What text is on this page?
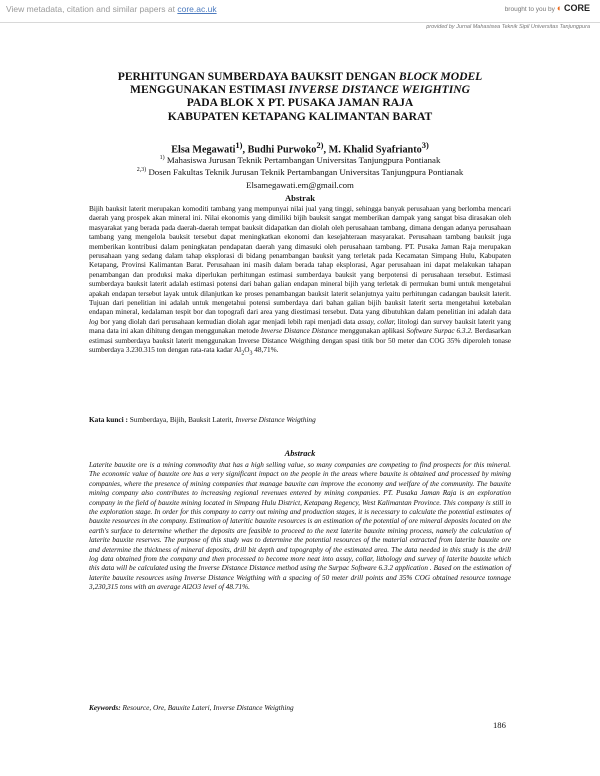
View metadata, citation and similar papers at core.ac.uk	brought to you by ◐ CORE
provided by Jurnal Mahasiswa Teknik Sipil Universitas Tanjungpura
PERHITUNGAN SUMBERDAYA BAUKSIT DENGAN BLOCK MODEL
MENGGUNAKAN ESTIMASI INVERSE DISTANCE WEIGHTING
PADA BLOK X PT. PUSAKA JAMAN RAJA
KABUPATEN KETAPANG KALIMANTAN BARAT
Elsa Megawati$^{1)}$, Budhi Purwoko$^{2)}$, M. Khalid Syafrianto$^{3)}$
$^{1)}$ Mahasiswa Jurusan Teknik Pertambangan Universitas Tanjungpura Pontianak
$^{2,3)}$ Dosen Fakultas Teknik Jurusan Teknik Pertambangan Universitas Tanjungpura Pontianak
Elsamegawati.em@gmail.com
Abstrak

Bijih bauksit laterit merupakan komoditi tambang yang mempunyai nilai jual yang tinggi, sehingga banyak perusahaan yang berlomba mencari daerah yang prospek akan mineral ini. Nilai ekonomis yang dimiliki bijih bauksit sangat memberikan dampak yang sangat bisa dirasakan oleh masyarakat yang berada pada daerah-daerah tempat bauksit didapatkan dan diolah oleh perusahaan tambang, dimana dengan adanya perusahaan tambang yang mengelola bauksit tersebut dapat meningkatkan ekonomi dan kesejahteraan masyarakat. Perusahaan tambang bauksit juga memberikan kontribusi dalam peningkatan pendapatan daerah yang dimasuki oleh perusahaan tambang. PT. Pusaka Jaman Raja merupakan perusahaan yang sedang dalam tahap eksplorasi di bidang penambangan bauksit yang terletak pada Kecamatan Simpang Hulu, Kabupaten Ketapang, Provinsi Kalimantan Barat. Perusahaan ini masih dalam berada tahap eksplorasi, Agar perusahaan ini dapat melakukan tahapan penambangan dan produksi maka diperlukan perhitungan estimasi sumberdaya bauksit yang berpotensi di perusahaan tersebut. Estimasi sumberdaya bauksit laterit adalah estimasi potensi dari bahan galian endapan mineral bijih yang terletak di permukan bumi untuk mengetahui apakah endapan tersebut layak untuk dilanjutkan ke proses penambangan bauksit laterit selanjutnya yaitu perhitungan cadangan bauksit laterit. Tujuan dari penelitian ini adalah untuk mengetahui potensi sumberdaya dari bahan galian bijih bauksit laterit serta mengetahui ketebalan endapan mineral, kedalaman tespit bor dan topografi dari area yang diestimasi tersebut. Data yang dibutuhkan dalam penelitian ini adalah data log bor yang diolah dari perusahaan kemudian diolah agar menjadi lebih rapi menjadi data assay, collar, litologi dan survey bauksit laterit yang mana data ini akan dihitung dengan menggunakan metode Inverse Distance Distance menggunakan aplikasi Software Surpac 6.3.2. Berdasarkan estimasi sumberdaya bauksit laterit menggunakan Inverse Distance Weigthing dengan spasi titik bor 50 meter dan COG 35% diperoleh tonase sumberdaya 3.230.315 ton dengan rata-rata kadar $Al_2O_3$ 48,71%.

Kata kunci : Sumberdaya, Bijih, Bauksit Laterit, Inverse Distance Weigthing
Abstrack

Laterite bauxite ore is a mining commodity that has a high selling value, so many companies are competing to find prospects for this mineral. The economic value of bauxite ore has a very significant impact on the people in the areas where bauxite is obtained and processed by mining companies, where the presence of mining companies that manage bauxite can improve the economy and welfare of the community. The bauxite mining company also contributes to increasing regional revenues entered by mining companies. PT. Pusaka Jaman Raja is an exploration company in the field of bauxite mining located in Simpang Hulu District, Ketapang Regency, West Kalimantan Province. This company is still in the exploration stage. In order for this company to carry out mining and production stages, it is necessary to calculate the potential estimates of bauxite resources in the company. Estimation of lateritic bauxite resources is an estimation of the potential of ore mineral deposits located on the earth's surface to determine whether the deposits are feasible to proceed to the next laterite bauxite mining process, namely the calculation of laterite bauxite reserves. The purpose of this study was to determine the potential resources of the material extracted from laterite bauxite ore and determine the thickness of mineral deposits, drill bit depth and topography of the estimated area. The data needed in this study is the drill log data obtained from the company and then processed to become more neat into assay, collar, lithology and survey of laterite bauxite which this data will be calculated using the Inverse Distance Distance method using the Surpac Software 6.3.2 application . Based on the estimation of laterite bauxite resources using Inverse Distance Weigthing with a spacing of 50 meter drill points and 35% COG obtained resource tonnage 3,230,315 tons with an average Al2O3 level of 48.71%.

Keywords: Resource, Ore, Bauxite Lateri, Inverse Distance Weigthing
186
